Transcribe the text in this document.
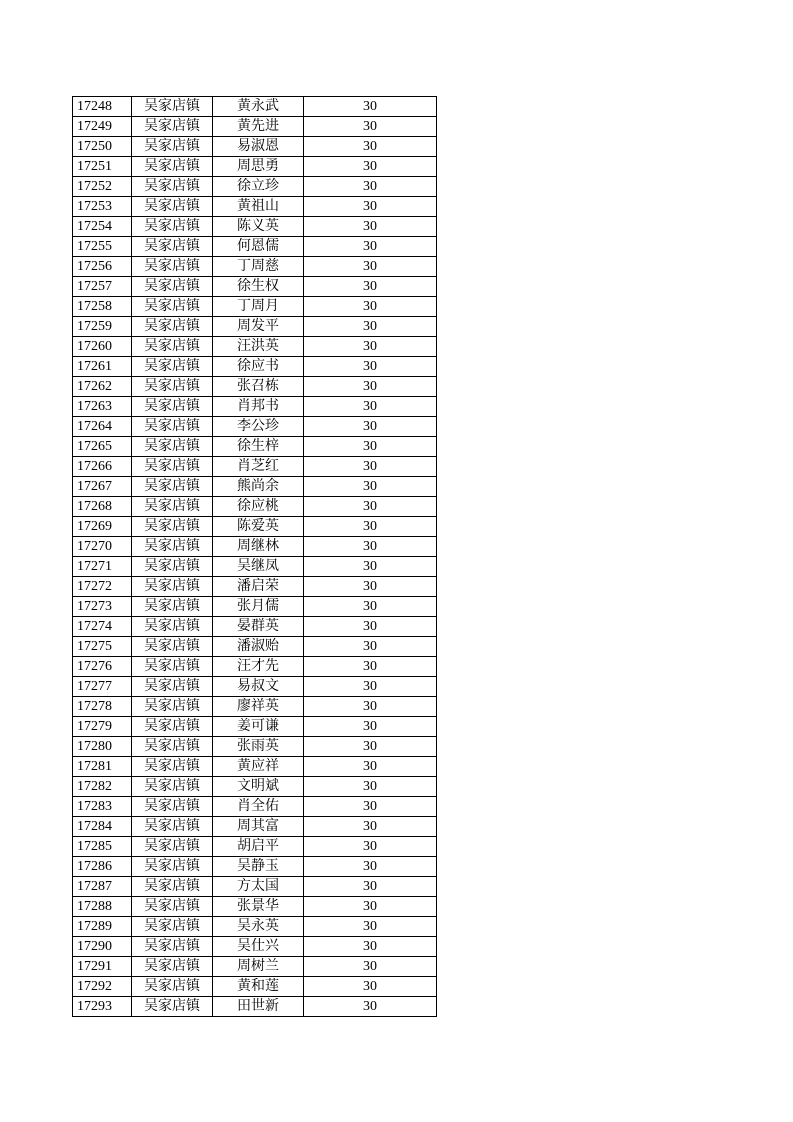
17248	吴家店镇	黄永武	30
17249	吴家店镇	黄先进	30
17250	吴家店镇	易淑恩	30
17251	吴家店镇	周思勇	30
17252	吴家店镇	徐立珍	30
17253	吴家店镇	黄祖山	30
17254	吴家店镇	陈义英	30
17255	吴家店镇	何恩儒	30
17256	吴家店镇	丁周慈	30
17257	吴家店镇	徐生权	30
17258	吴家店镇	丁周月	30
17259	吴家店镇	周发平	30
17260	吴家店镇	汪洪英	30
17261	吴家店镇	徐应书	30
17262	吴家店镇	张召栋	30
17263	吴家店镇	肖邦书	30
17264	吴家店镇	李公珍	30
17265	吴家店镇	徐生梓	30
17266	吴家店镇	肖芝红	30
17267	吴家店镇	熊尚余	30
17268	吴家店镇	徐应桃	30
17269	吴家店镇	陈爱英	30
17270	吴家店镇	周继林	30
17271	吴家店镇	吴继凤	30
17272	吴家店镇	潘启荣	30
17273	吴家店镇	张月儒	30
17274	吴家店镇	晏群英	30
17275	吴家店镇	潘淑贻	30
17276	吴家店镇	汪才先	30
17277	吴家店镇	易叔文	30
17278	吴家店镇	廖祥英	30
17279	吴家店镇	姜可谦	30
17280	吴家店镇	张雨英	30
17281	吴家店镇	黄应祥	30
17282	吴家店镇	文明斌	30
17283	吴家店镇	肖全佑	30
17284	吴家店镇	周其富	30
17285	吴家店镇	胡启平	30
17286	吴家店镇	吴静玉	30
17287	吴家店镇	方太国	30
17288	吴家店镇	张景华	30
17289	吴家店镇	吴永英	30
17290	吴家店镇	吴仕兴	30
17291	吴家店镇	周树兰	30
17292	吴家店镇	黄和莲	30
17293	吴家店镇	田世新	30
